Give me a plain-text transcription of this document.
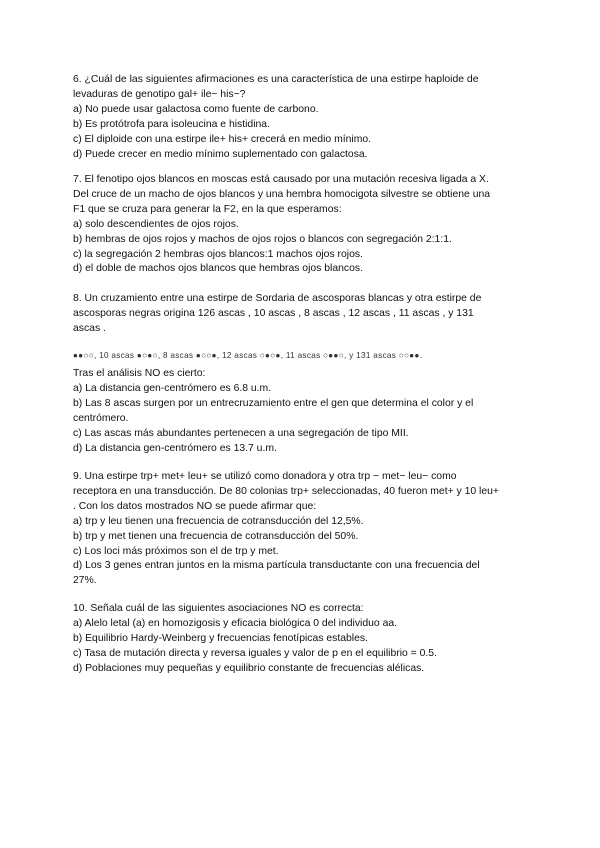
6. ¿Cuál de las siguientes afirmaciones es una característica de una estirpe haploide de

levaduras de genotipo gal+ ile− his−?

a) No puede usar galactosa como fuente de carbono.

b) Es protótrofa para isoleucina e histidina.

c) El diploide con una estirpe ile+ his+ crecerá en medio mínimo.

d) Puede crecer en medio mínimo suplementado con galactosa.

7. El fenotipo ojos blancos en moscas está causado por una mutación recesiva ligada a X.

Del cruce de un macho de ojos blancos y una hembra homocigota silvestre se obtiene una

F1 que se cruza para generar la F2, en la que esperamos:

a) solo descendientes de ojos rojos.

b) hembras de ojos rojos y machos de ojos rojos o blancos con segregación 2:1:1.

c) la segregación 2 hembras ojos blancos:1 machos ojos rojos.

d) el doble de machos ojos blancos que hembras ojos blancos.

8. Un cruzamiento entre una estirpe de Sordaria de ascosporas blancas y otra estirpe de

ascosporas negras origina 126 ascas , 10 ascas , 8 ascas , 12 ascas , 11 ascas , y 131

ascas .

●●○○, 10 ascas ●○●○, 8 ascas ●○○●, 12 ascas ○●○●, 11 ascas ○●●○, y 131 ascas ○○●●.

Tras el análisis NO es cierto:

a) La distancia gen-centrómero es 6.8 u.m.

b) Las 8 ascas surgen por un entrecruzamiento entre el gen que determina el color y el

centrómero.

c) Las ascas más abundantes pertenecen a una segregación de tipo MII.

d) La distancia gen-centrómero es 13.7 u.m.

9. Una estirpe trp+ met+ leu+ se utilizó como donadora y otra trp − met− leu− como

receptora en una transducción. De 80 colonias trp+ seleccionadas, 40 fueron met+ y 10 leu+

. Con los datos mostrados NO se puede afirmar que:

a) trp y leu tienen una frecuencia de cotransducción del 12,5%.

b) trp y met tienen una frecuencia de cotransducción del 50%.

c) Los loci más próximos son el de trp y met.

d) Los 3 genes entran juntos en la misma partícula transductante con una frecuencia del

27%.

10. Señala cuál de las siguientes asociaciones NO es correcta:

a) Alelo letal (a) en homozigosis y eficacia biológica 0 del individuo aa.

b) Equilibrio Hardy-Weinberg y frecuencias fenotípicas estables.

c) Tasa de mutación directa y reversa iguales y valor de p en el equilibrio = 0.5.

d) Poblaciones muy pequeñas y equilibrio constante de frecuencias alélicas.
